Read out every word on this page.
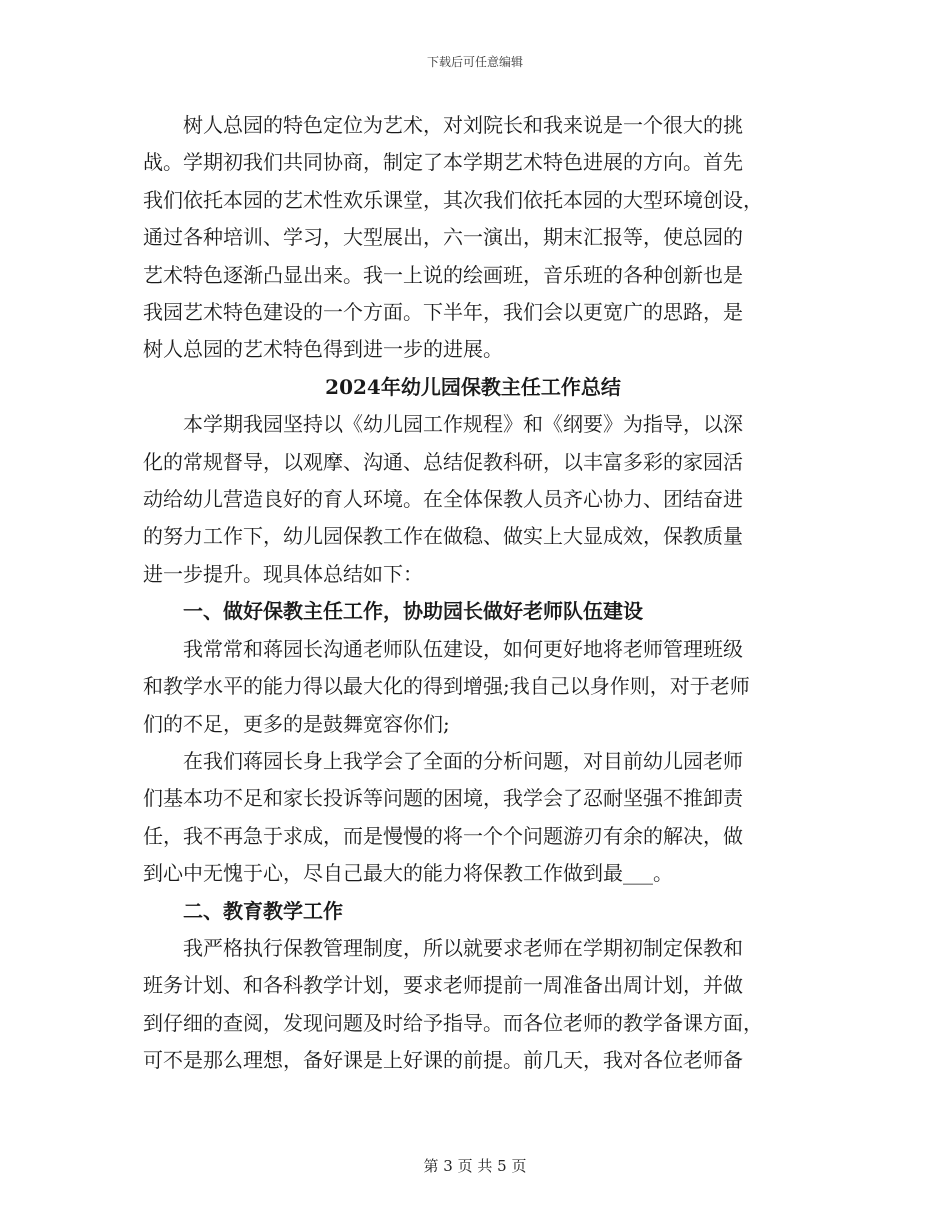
下载后可任意编辑

树人总园的特色定位为艺术，对刘院长和我来说是一个很大的挑
战。学期初我们共同协商，制定了本学期艺术特色进展的方向。首先
我们依托本园的艺术性欢乐课堂，其次我们依托本园的大型环境创设，
通过各种培训、学习，大型展出，六一演出，期末汇报等，使总园的
艺术特色逐渐凸显出来。我一上说的绘画班，音乐班的各种创新也是
我园艺术特色建设的一个方面。下半年，我们会以更宽广的思路，是
树人总园的艺术特色得到进一步的进展。

2024年幼儿园保教主任工作总结

本学期我园坚持以《幼儿园工作规程》和《纲要》为指导，以深
化的常规督导，以观摩、沟通、总结促教科研，以丰富多彩的家园活
动给幼儿营造良好的育人环境。在全体保教人员齐心协力、团结奋进
的努力工作下，幼儿园保教工作在做稳、做实上大显成效，保教质量
进一步提升。现具体总结如下：

一、做好保教主任工作，协助园长做好老师队伍建设

我常常和蒋园长沟通老师队伍建设，如何更好地将老师管理班级
和教学水平的能力得以最大化的得到增强;我自己以身作则，对于老师
们的不足，更多的是鼓舞宽容你们;

在我们蒋园长身上我学会了全面的分析问题，对目前幼儿园老师
们基本功不足和家长投诉等问题的困境，我学会了忍耐坚强不推卸责
任，我不再急于求成，而是慢慢的将一个个问题游刃有余的解决，做
到心中无愧于心，尽自己最大的能力将保教工作做到最___。

二、教育教学工作

我严格执行保教管理制度，所以就要求老师在学期初制定保教和
班务计划、和各科教学计划，要求老师提前一周准备出周计划，并做
到仔细的查阅，发现问题及时给予指导。而各位老师的教学备课方面，
可不是那么理想，备好课是上好课的前提。前几天，我对各位老师备

第 3 页 共 5 页
